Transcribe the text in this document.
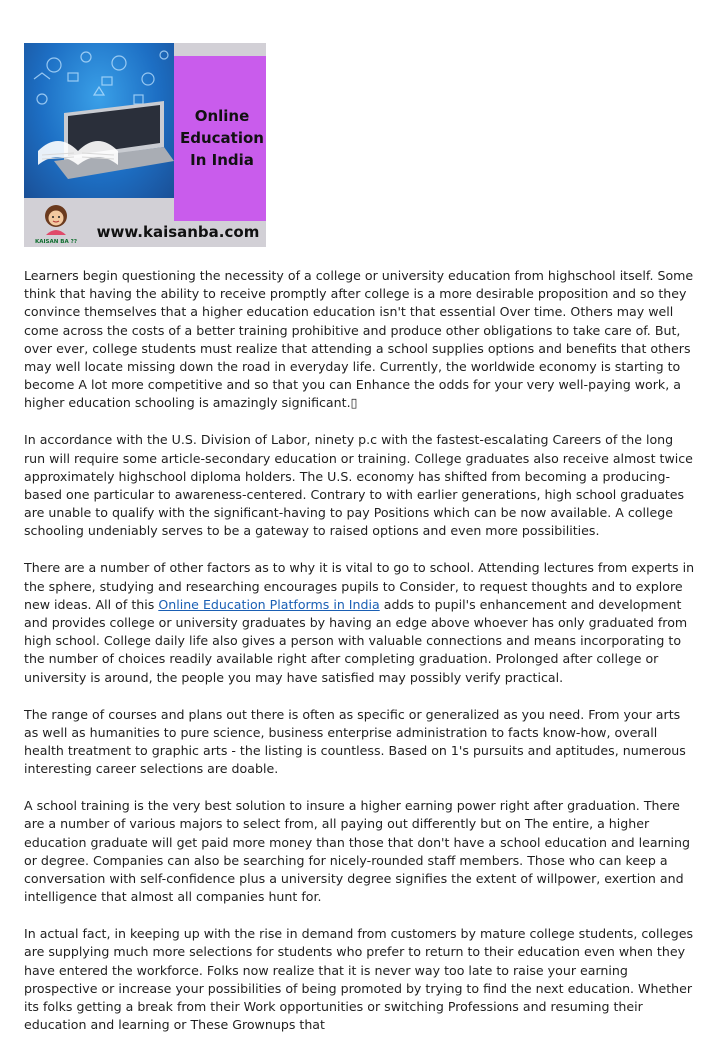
Online
Education
In India
KAISAN BA ??
www.kaisanba.com

Learners begin questioning the necessity of a college or university education from highschool itself. Some think that having the ability to receive promptly after college is a more desirable proposition and so they convince themselves that a higher education education isn't that essential Over time. Others may well come across the costs of a better training prohibitive and produce other obligations to take care of. But, over ever, college students must realize that attending a school supplies options and benefits that others may well locate missing down the road in everyday life. Currently, the worldwide economy is starting to become A lot more competitive and so that you can Enhance the odds for your very well-paying work, a higher education schooling is amazingly significant.▯

In accordance with the U.S. Division of Labor, ninety p.c with the fastest-escalating Careers of the long run will require some article-secondary education or training. College graduates also receive almost twice approximately highschool diploma holders. The U.S. economy has shifted from becoming a producing-based one particular to awareness-centered. Contrary to with earlier generations, high school graduates are unable to qualify with the significant-having to pay Positions which can be now available. A college schooling undeniably serves to be a gateway to raised options and even more possibilities.

There are a number of other factors as to why it is vital to go to school. Attending lectures from experts in the sphere, studying and researching encourages pupils to Consider, to request thoughts and to explore new ideas. All of this Online Education Platforms in India adds to pupil's enhancement and development and provides college or university graduates by having an edge above whoever has only graduated from high school. College daily life also gives a person with valuable connections and means incorporating to the number of choices readily available right after completing graduation. Prolonged after college or university is around, the people you may have satisfied may possibly verify practical.

The range of courses and plans out there is often as specific or generalized as you need. From your arts as well as humanities to pure science, business enterprise administration to facts know-how, overall health treatment to graphic arts - the listing is countless. Based on 1's pursuits and aptitudes, numerous interesting career selections are doable.

A school training is the very best solution to insure a higher earning power right after graduation. There are a number of various majors to select from, all paying out differently but on The entire, a higher education graduate will get paid more money than those that don't have a school education and learning or degree. Companies can also be searching for nicely-rounded staff members. Those who can keep a conversation with self-confidence plus a university degree signifies the extent of willpower, exertion and intelligence that almost all companies hunt for.

In actual fact, in keeping up with the rise in demand from customers by mature college students, colleges are supplying much more selections for students who prefer to return to their education even when they have entered the workforce. Folks now realize that it is never way too late to raise your earning prospective or increase your possibilities of being promoted by trying to find the next education. Whether its folks getting a break from their Work opportunities or switching Professions and resuming their education and learning or These Grownups that
